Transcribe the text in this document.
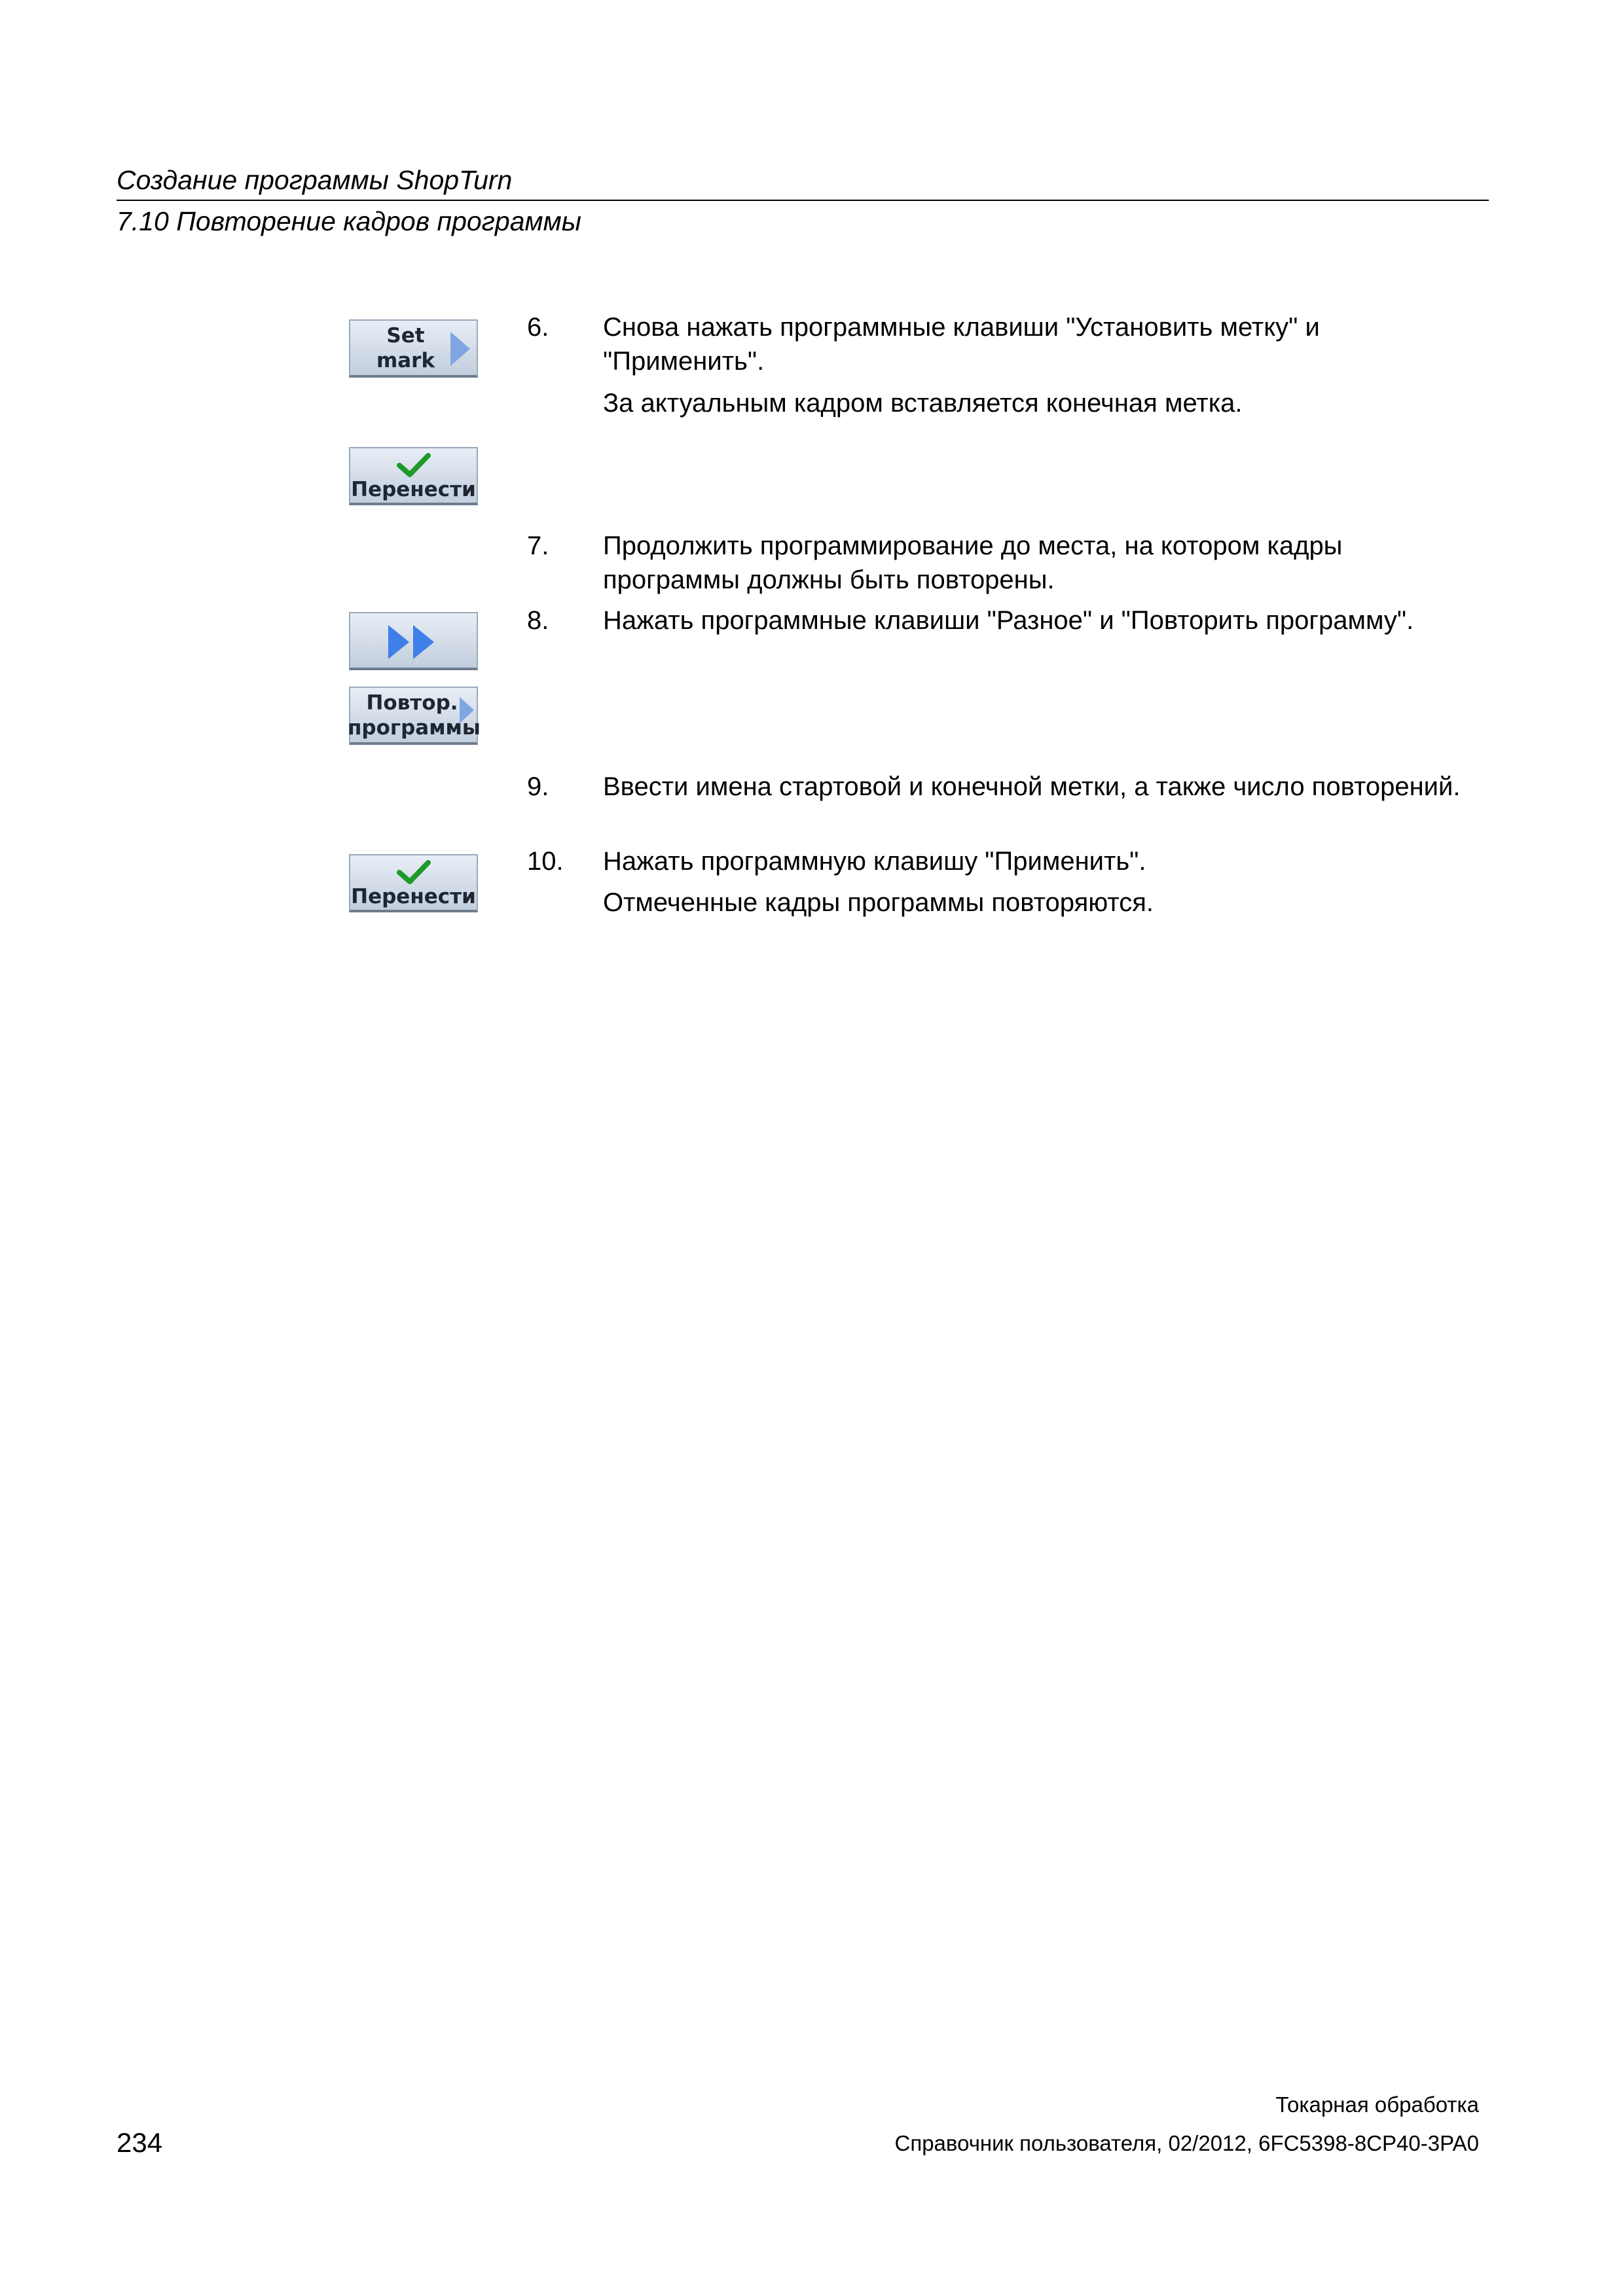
Создание программы ShopTurn
7.10 Повторение кадров программы
Set
mark
Перенести
Повтор.
программы
Перенести
6. Снова нажать программные клавиши "Установить метку" и "Применить".
За актуальным кадром вставляется конечная метка.
7. Продолжить программирование до места, на котором кадры программы должны быть повторены.
8. Нажать программные клавиши "Разное" и "Повторить программу".
9. Ввести имена стартовой и конечной метки, а также число повторений.
10. Нажать программную клавишу "Применить".
Отмеченные кадры программы повторяются.
Токарная обработка
234	Справочник пользователя, 02/2012, 6FC5398-8CP40-3PA0
